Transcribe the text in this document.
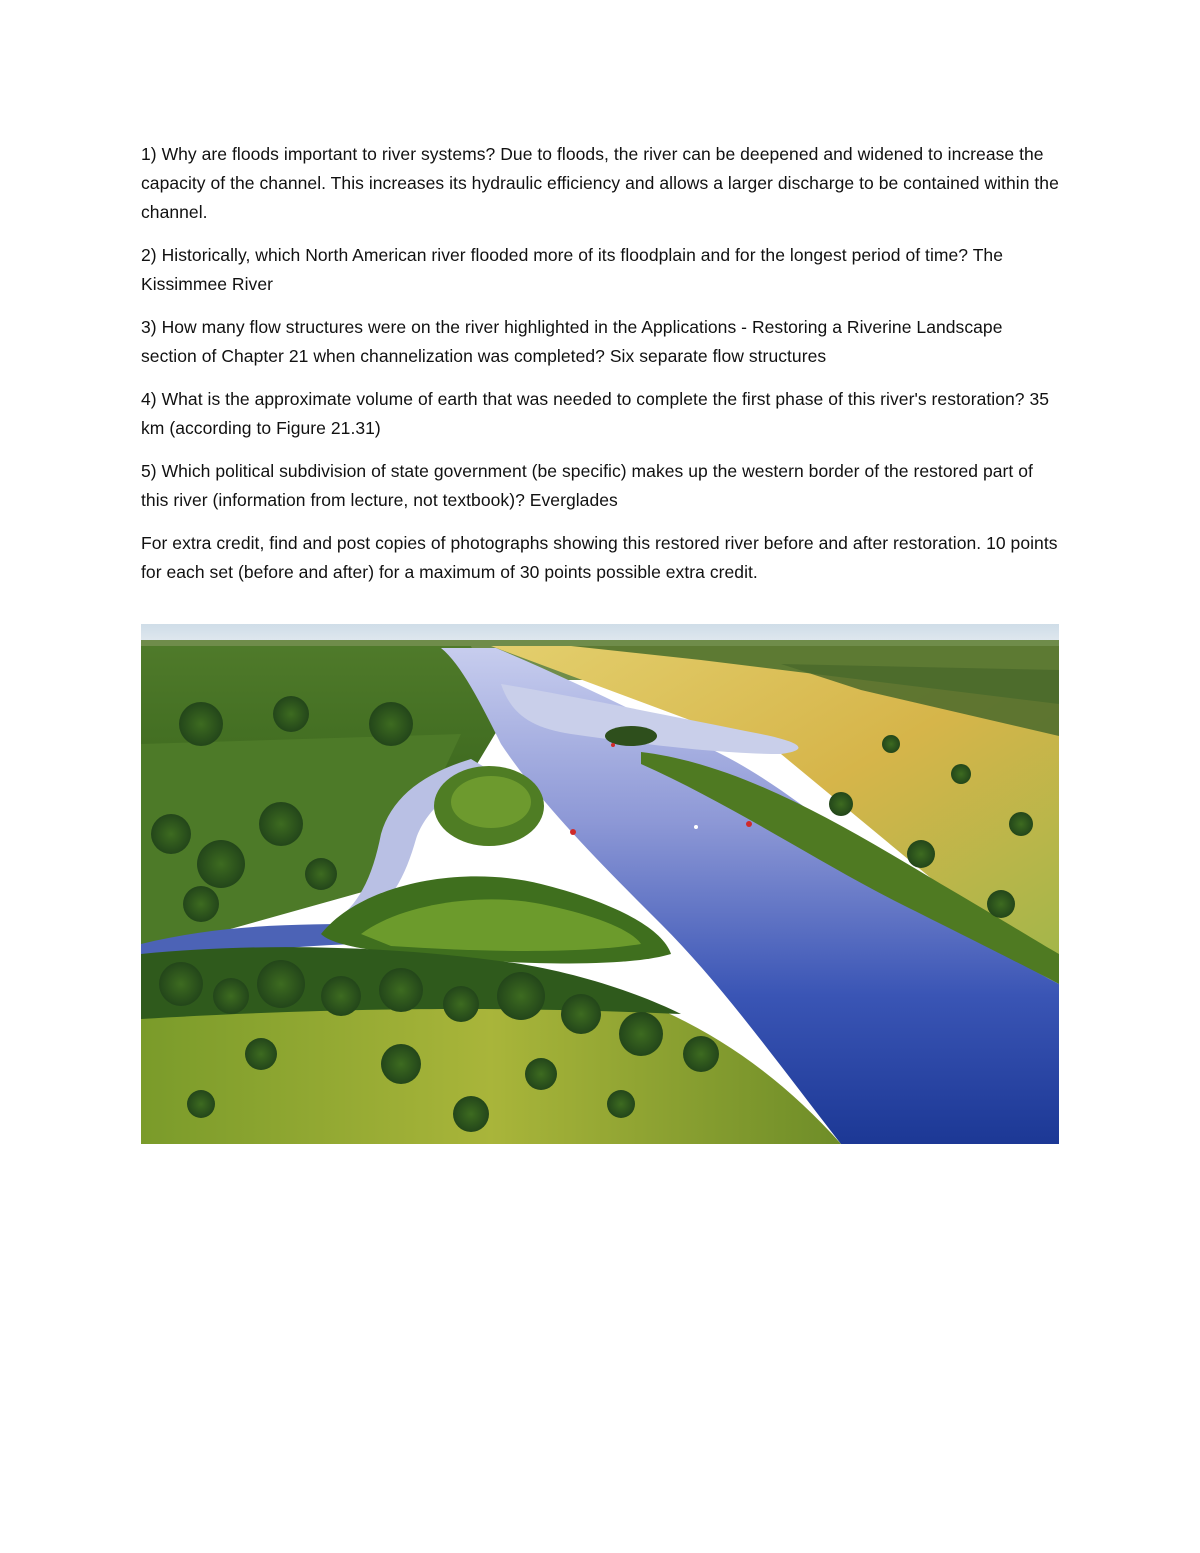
1) Why are floods important to river systems? Due to floods, the river can be deepened and widened to increase the capacity of the channel. This increases its hydraulic efficiency and allows a larger discharge to be contained within the channel.

2) Historically, which North American river flooded more of its floodplain and for the longest period of time? The Kissimmee River

3) How many flow structures were on the river highlighted in the Applications - Restoring a Riverine Landscape section of Chapter 21 when channelization was completed? Six separate flow structures

4) What is the approximate volume of earth that was needed to complete the first phase of this river's restoration? 35 km (according to Figure 21.31)

5) Which political subdivision of state government (be specific) makes up the western border of the restored part of this river (information from lecture, not textbook)? Everglades

For extra credit, find and post copies of photographs showing this restored river before and after restoration. 10 points for each set (before and after) for a maximum of 30 points possible extra credit.
